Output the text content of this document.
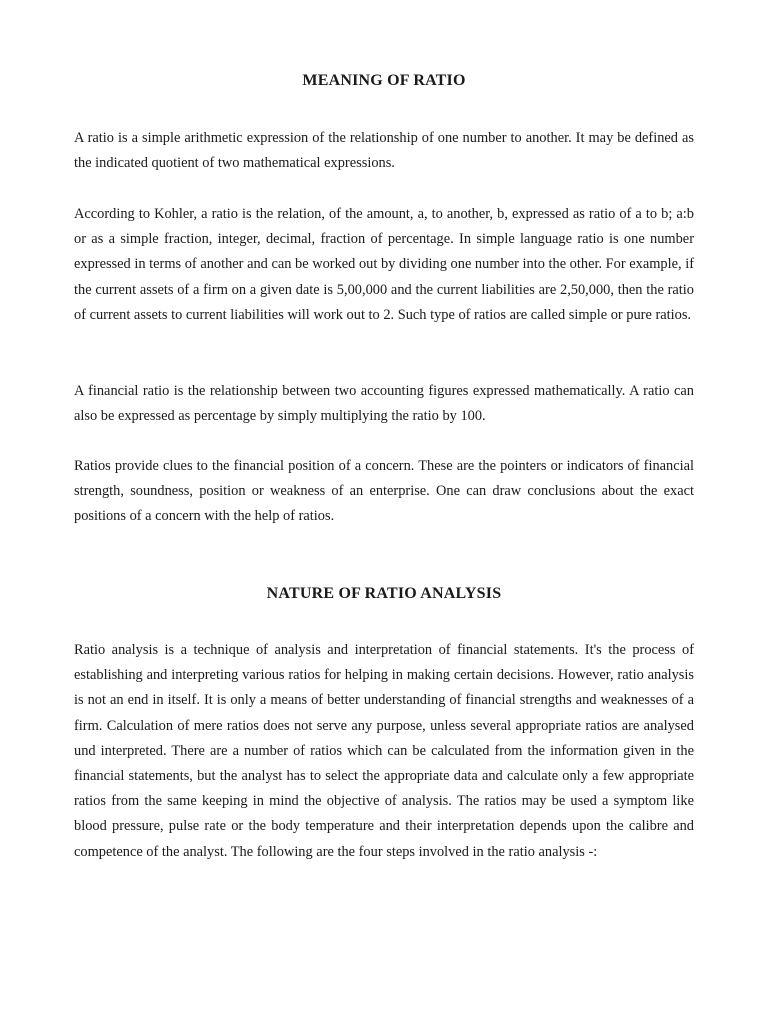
MEANING OF RATIO

A ratio is a simple arithmetic expression of the relationship of one number to another. It may be defined as the indicated quotient of two mathematical expressions.

According to Kohler, a ratio is the relation, of the amount, a, to another, b, expressed as ratio of a to b; a:b or as a simple fraction, integer, decimal, fraction of percentage. In simple language ratio is one number expressed in terms of another and can be worked out by dividing one number into the other. For example, if the current assets of a firm on a given date is 5,00,000 and the current liabilities are 2,50,000, then the ratio of current assets to current liabilities will work out to 2. Such type of ratios are called simple or pure ratios.

A financial ratio is the relationship between two accounting figures expressed mathematically. A ratio can also be expressed as percentage by simply multiplying the ratio by 100.

Ratios provide clues to the financial position of a concern. These are the pointers or indicators of financial strength, soundness, position or weakness of an enterprise. One can draw conclusions about the exact positions of a concern with the help of ratios.

NATURE OF RATIO ANALYSIS

Ratio analysis is a technique of analysis and interpretation of financial statements. It's the process of establishing and interpreting various ratios for helping in making certain decisions. However, ratio analysis is not an end in itself. It is only a means of better understanding of financial strengths and weaknesses of a firm. Calculation of mere ratios does not serve any purpose, unless several appropriate ratios are analysed und interpreted. There are a number of ratios which can be calculated from the information given in the financial statements, but the analyst has to select the appropriate data and calculate only a few appropriate ratios from the same keeping in mind the objective of analysis. The ratios may be used a symptom like blood pressure, pulse rate or the body temperature and their interpretation depends upon the calibre and competence of the analyst. The following are the four steps involved in the ratio analysis -:
